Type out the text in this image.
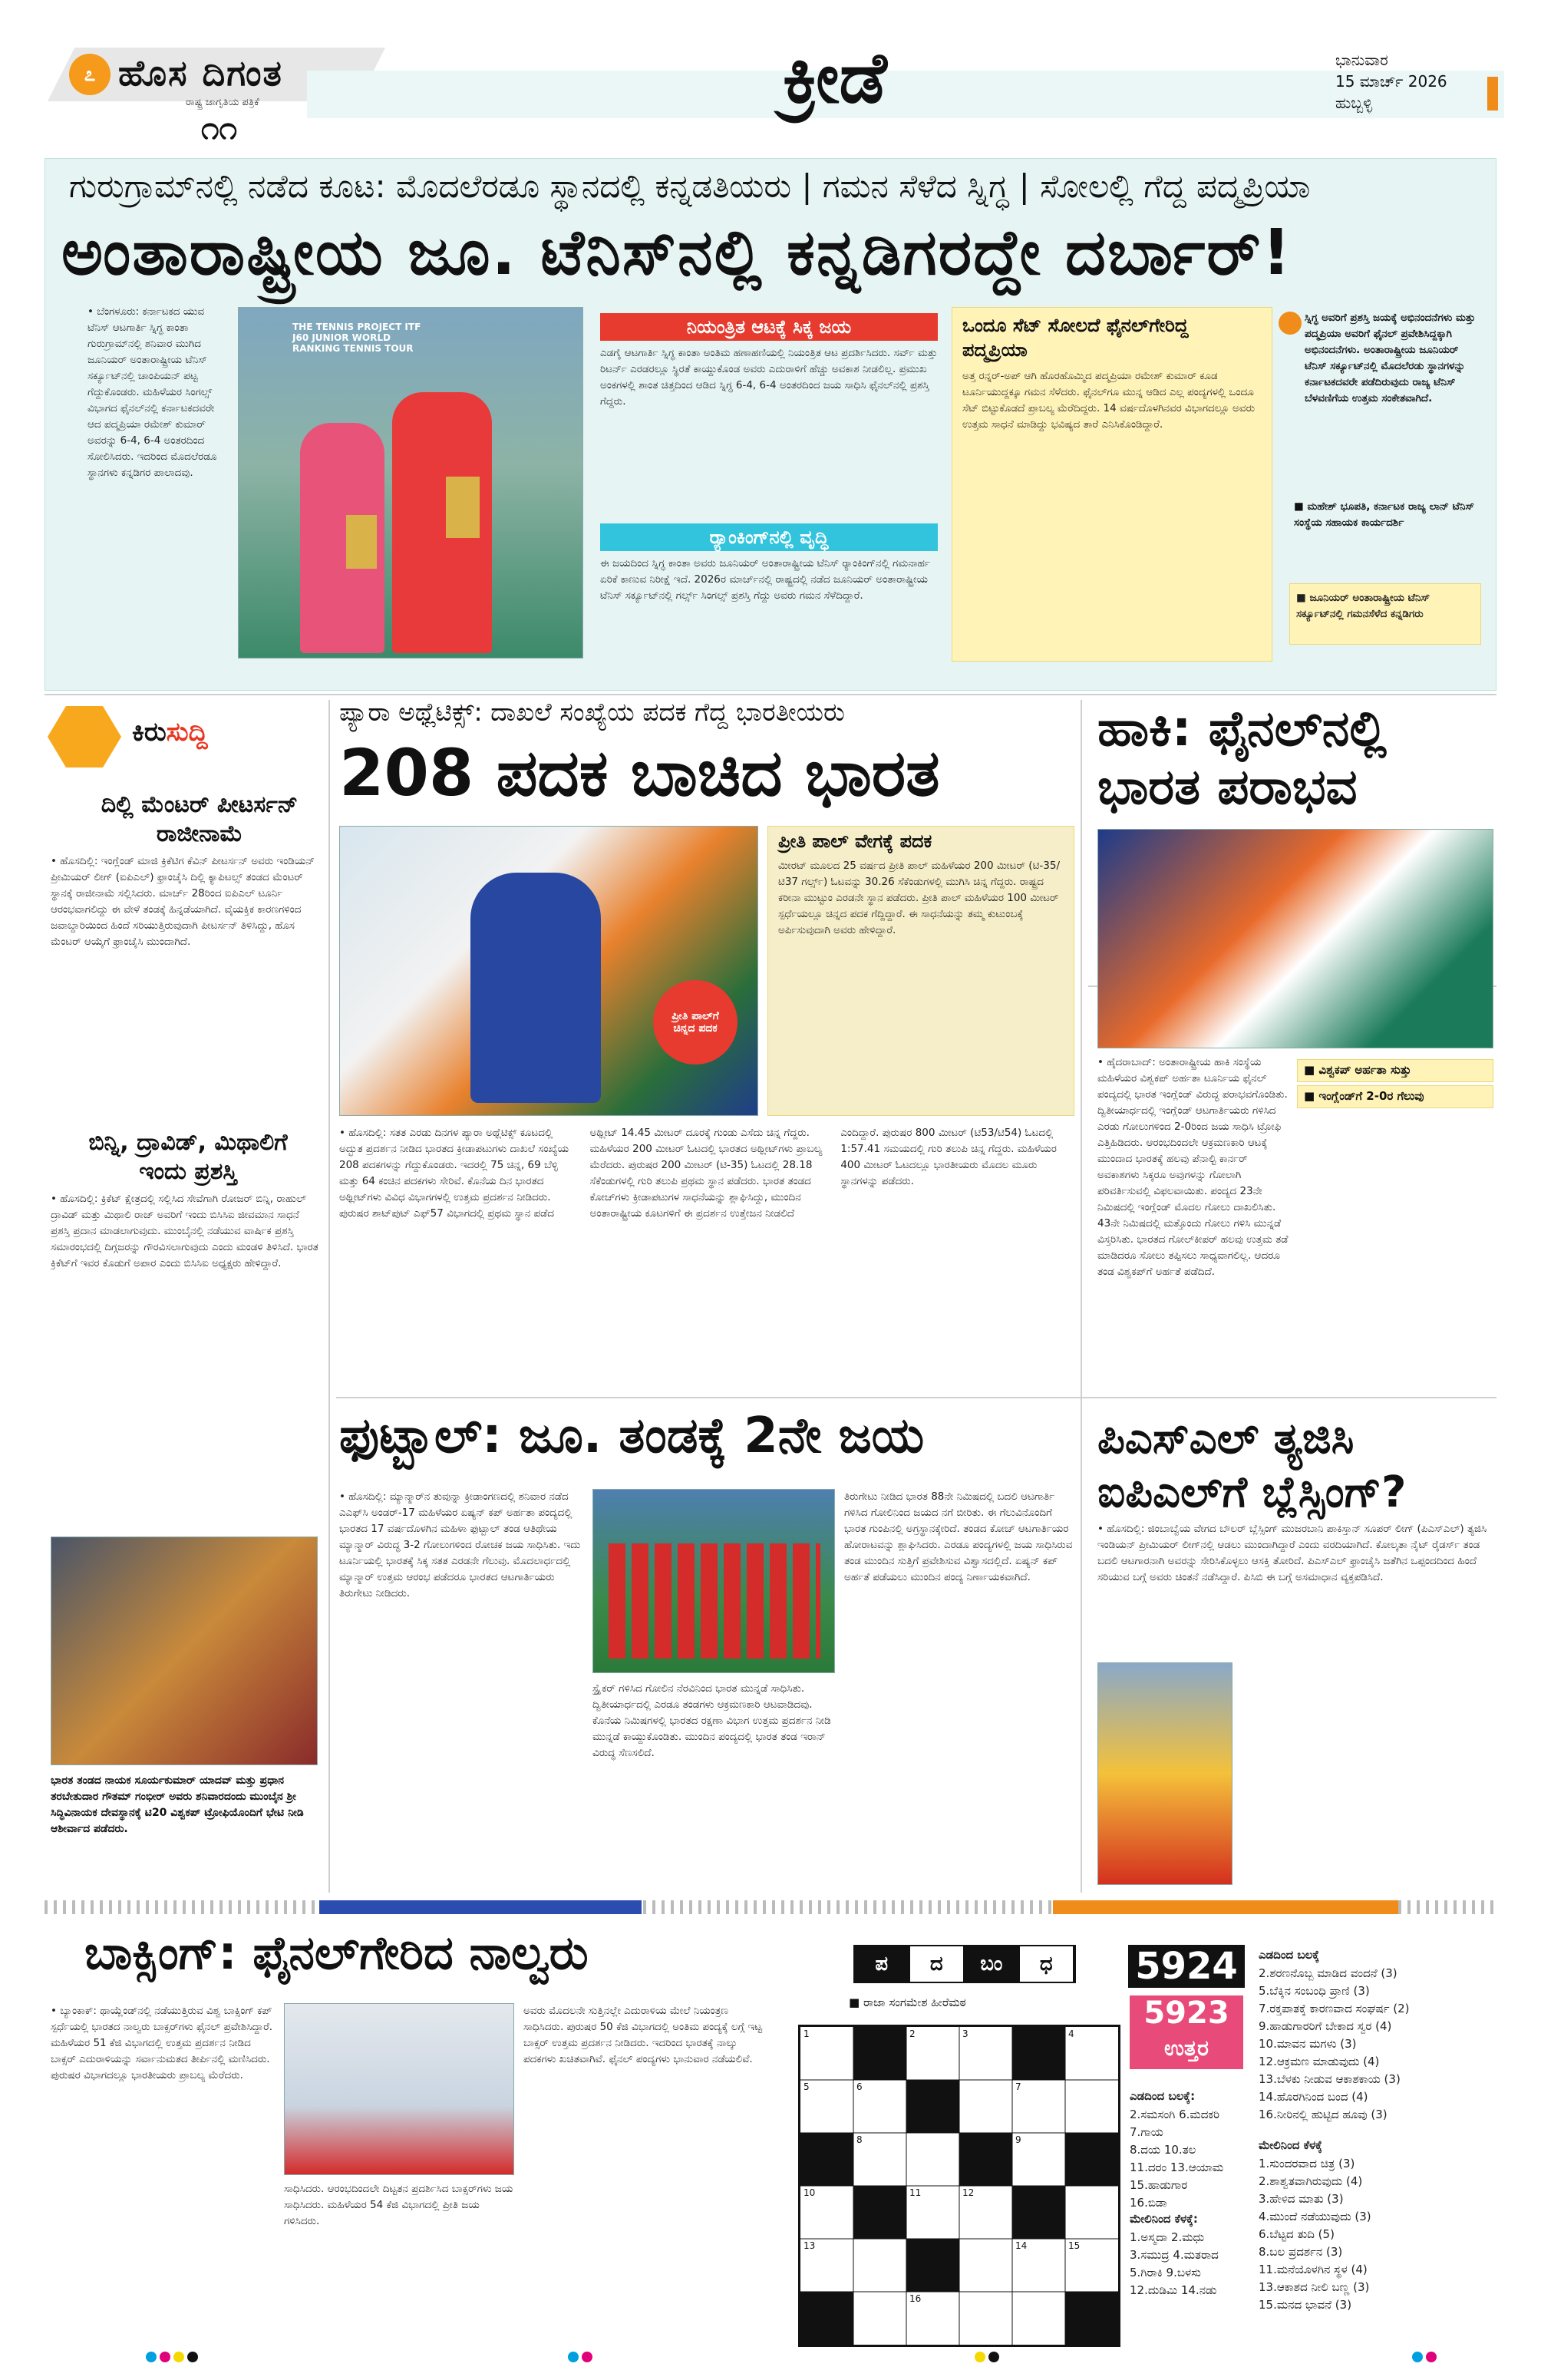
೭ ಹೊಸ ದಿಗಂತ
ರಾಷ್ಟ್ರ ಜಾಗೃತಿಯ ಪತ್ರಿಕೆ
೧೧
ಕ್ರೀಡೆ	ಭಾನುವಾರ
15 ಮಾರ್ಚ್ 2026
ಹುಬ್ಬಳ್ಳಿ
ಗುರುಗ್ರಾಮ್‌ನಲ್ಲಿ ನಡೆದ ಕೂಟ: ಮೊದಲೆರಡೂ ಸ್ಥಾನದಲ್ಲಿ ಕನ್ನಡತಿಯರು | ಗಮನ ಸೆಳೆದ ಸ್ನಿಗ್ಧ | ಸೋಲಲ್ಲಿ ಗೆದ್ದ ಪದ್ಮಪ್ರಿಯಾ
ಅಂತಾರಾಷ್ಟ್ರೀಯ ಜೂ. ಟೆನಿಸ್‌ನಲ್ಲಿ ಕನ್ನಡಿಗರದ್ದೇ ದರ್ಬಾರ್!
• ಬೆಂಗಳೂರು: ಕರ್ನಾಟಕದ ಯುವ ಟೆನಿಸ್ ಆಟಗಾರ್ತಿ ಸ್ನಿಗ್ಧ ಕಾಂತಾ ಗುರುಗ್ರಾಮ್‌ನಲ್ಲಿ ಶನಿವಾರ ಮುಗಿದ ಜೂನಿಯರ್ ಅಂತಾರಾಷ್ಟ್ರೀಯ ಟೆನಿಸ್ ಸರ್ಕ್ಯೂಟ್‌ನಲ್ಲಿ ಚಾಂಪಿಯನ್ ಪಟ್ಟ ಗೆದ್ದುಕೊಂಡರು. ಮಹಿಳೆಯರ ಸಿಂಗಲ್ಸ್ ವಿಭಾಗದ ಫೈನಲ್‌ನಲ್ಲಿ ಕರ್ನಾಟಕದವರೇ ಆದ ಪದ್ಮಪ್ರಿಯಾ ರಮೇಶ್ ಕುಮಾರ್ ಅವರನ್ನು 6-4, 6-4 ಅಂತರದಿಂದ ಸೋಲಿಸಿದರು. ಇದರಿಂದ ಮೊದಲೆರಡೂ ಸ್ಥಾನಗಳು ಕನ್ನಡಿಗರ ಪಾಲಾದವು.
THE TENNIS PROJECT ITF J60 JUNIOR WORLD RANKING TENNIS TOUR
ನಿಯಂತ್ರಿತ ಆಟಕ್ಕೆ ಸಿಕ್ಕ ಜಯ
ಎಡಗೈ ಆಟಗಾರ್ತಿ ಸ್ನಿಗ್ಧ ಕಾಂತಾ ಅಂತಿಮ ಹಣಾಹಣಿಯಲ್ಲಿ ನಿಯಂತ್ರಿತ ಆಟ ಪ್ರದರ್ಶಿಸಿದರು. ಸರ್ವ್ ಮತ್ತು ರಿಟರ್ನ್ ಎರಡರಲ್ಲೂ ಸ್ಥಿರತೆ ಕಾಯ್ದುಕೊಂಡ ಅವರು ಎದುರಾಳಿಗೆ ಹೆಚ್ಚು ಅವಕಾಶ ನೀಡಲಿಲ್ಲ. ಪ್ರಮುಖ ಅಂಕಗಳಲ್ಲಿ ಶಾಂತ ಚಿತ್ತದಿಂದ ಆಡಿದ ಸ್ನಿಗ್ಧ 6-4, 6-4 ಅಂತರದಿಂದ ಜಯ ಸಾಧಿಸಿ ಫೈನಲ್‌ನಲ್ಲಿ ಪ್ರಶಸ್ತಿ ಗೆದ್ದರು.
ರ‍್ಯಾಂಕಿಂಗ್‌ನಲ್ಲಿ ವೃದ್ಧಿ
ಈ ಜಯದಿಂದ ಸ್ನಿಗ್ಧ ಕಾಂತಾ ಅವರು ಜೂನಿಯರ್ ಅಂತಾರಾಷ್ಟ್ರೀಯ ಟೆನಿಸ್ ರ‍್ಯಾಂಕಿಂಗ್‌ನಲ್ಲಿ ಗಮನಾರ್ಹ ಏರಿಕೆ ಕಾಣುವ ನಿರೀಕ್ಷೆ ಇದೆ. 2026ರ ಮಾರ್ಚ್‌ನಲ್ಲಿ ರಾಷ್ಟ್ರದಲ್ಲಿ ನಡೆದ ಜೂನಿಯರ್ ಅಂತಾರಾಷ್ಟ್ರೀಯ ಟೆನಿಸ್ ಸರ್ಕ್ಯೂಟ್‌ನಲ್ಲಿ ಗರ್ಲ್ಸ್ ಸಿಂಗಲ್ಸ್ ಪ್ರಶಸ್ತಿ ಗೆದ್ದು ಅವರು ಗಮನ ಸೆಳೆದಿದ್ದಾರೆ.
ಒಂದೂ ಸೆಟ್ ಸೋಲದೆ ಫೈನಲ್‌ಗೇರಿದ್ದ ಪದ್ಮಪ್ರಿಯಾ
ಅತ್ತ ರನ್ನರ್-ಅಪ್ ಆಗಿ ಹೊರಹೊಮ್ಮಿದ ಪದ್ಮಪ್ರಿಯಾ ರಮೇಶ್ ಕುಮಾರ್ ಕೂಡ ಟೂರ್ನಿಯುದ್ದಕ್ಕೂ ಗಮನ ಸೆಳೆದರು. ಫೈನಲ್‌ಗೂ ಮುನ್ನ ಆಡಿದ ಎಲ್ಲ ಪಂದ್ಯಗಳಲ್ಲಿ ಒಂದೂ ಸೆಟ್ ಬಿಟ್ಟುಕೊಡದೆ ಪ್ರಾಬಲ್ಯ ಮೆರೆದಿದ್ದರು. 14 ವರ್ಷದೊಳಗಿನವರ ವಿಭಾಗದಲ್ಲೂ ಅವರು ಉತ್ತಮ ಸಾಧನೆ ಮಾಡಿದ್ದು ಭವಿಷ್ಯದ ತಾರೆ ಎನಿಸಿಕೊಂಡಿದ್ದಾರೆ.
ಸ್ನಿಗ್ಧ ಅವರಿಗೆ ಪ್ರಶಸ್ತಿ ಜಯಕ್ಕೆ ಅಭಿನಂದನೆಗಳು ಮತ್ತು ಪದ್ಮಪ್ರಿಯಾ ಅವರಿಗೆ ಫೈನಲ್ ಪ್ರವೇಶಿಸಿದ್ದಕ್ಕಾಗಿ ಅಭಿನಂದನೆಗಳು. ಅಂತಾರಾಷ್ಟ್ರೀಯ ಜೂನಿಯರ್ ಟೆನಿಸ್ ಸರ್ಕ್ಯೂಟ್‌ನಲ್ಲಿ ಮೊದಲೆರಡು ಸ್ಥಾನಗಳನ್ನು ಕರ್ನಾಟಕದವರೇ ಪಡೆದಿರುವುದು ರಾಜ್ಯ ಟೆನಿಸ್ ಬೆಳವಣಿಗೆಯ ಉತ್ತಮ ಸಂಕೇತವಾಗಿದೆ.
■ ಮಹೇಶ್ ಭೂಪತಿ, ಕರ್ನಾಟಕ ರಾಜ್ಯ ಲಾನ್ ಟೆನಿಸ್ ಸಂಸ್ಥೆಯ ಸಹಾಯಕ ಕಾರ್ಯದರ್ಶಿ
■ ಜೂನಿಯರ್ ಅಂತಾರಾಷ್ಟ್ರೀಯ ಟೆನಿಸ್ ಸರ್ಕ್ಯೂಟ್‌ನಲ್ಲಿ ಗಮನಸೆಳೆದ ಕನ್ನಡಿಗರು
ಕಿರುಸುದ್ದಿ
ದಿಲ್ಲಿ ಮೆಂಟರ್ ಪೀಟರ್ಸನ್ ರಾಜೀನಾಮೆ
• ಹೊಸದಿಲ್ಲಿ: ಇಂಗ್ಲೆಂಡ್ ಮಾಜಿ ಕ್ರಿಕೆಟಿಗ ಕೆವಿನ್ ಪೀಟರ್ಸನ್ ಅವರು ಇಂಡಿಯನ್ ಪ್ರೀಮಿಯರ್ ಲೀಗ್ (ಐಪಿಎಲ್) ಫ್ರಾಂಚೈಸಿ ದಿಲ್ಲಿ ಕ್ಯಾಪಿಟಲ್ಸ್ ತಂಡದ ಮೆಂಟರ್ ಸ್ಥಾನಕ್ಕೆ ರಾಜೀನಾಮೆ ಸಲ್ಲಿಸಿದರು. ಮಾರ್ಚ್ 28ರಿಂದ ಐಪಿಎಲ್ ಟೂರ್ನಿ ಆರಂಭವಾಗಲಿದ್ದು ಈ ವೇಳೆ ತಂಡಕ್ಕೆ ಹಿನ್ನಡೆಯಾಗಿದೆ. ವೈಯಕ್ತಿಕ ಕಾರಣಗಳಿಂದ ಜವಾಬ್ದಾರಿಯಿಂದ ಹಿಂದೆ ಸರಿಯುತ್ತಿರುವುದಾಗಿ ಪೀಟರ್ಸನ್ ತಿಳಿಸಿದ್ದು, ಹೊಸ ಮೆಂಟರ್ ಆಯ್ಕೆಗೆ ಫ್ರಾಂಚೈಸಿ ಮುಂದಾಗಿದೆ.
ಬಿನ್ನಿ, ದ್ರಾವಿಡ್, ಮಿಥಾಲಿಗೆ ಇಂದು ಪ್ರಶಸ್ತಿ
• ಹೊಸದಿಲ್ಲಿ: ಕ್ರಿಕೆಟ್ ಕ್ಷೇತ್ರದಲ್ಲಿ ಸಲ್ಲಿಸಿದ ಸೇವೆಗಾಗಿ ರೋಜರ್ ಬಿನ್ನಿ, ರಾಹುಲ್ ದ್ರಾವಿಡ್ ಮತ್ತು ಮಿಥಾಲಿ ರಾಜ್ ಅವರಿಗೆ ಇಂದು ಬಿಸಿಸಿಐ ಜೀವಮಾನ ಸಾಧನೆ ಪ್ರಶಸ್ತಿ ಪ್ರದಾನ ಮಾಡಲಾಗುವುದು. ಮುಂಬೈನಲ್ಲಿ ನಡೆಯುವ ವಾರ್ಷಿಕ ಪ್ರಶಸ್ತಿ ಸಮಾರಂಭದಲ್ಲಿ ದಿಗ್ಗಜರನ್ನು ಗೌರವಿಸಲಾಗುವುದು ಎಂದು ಮಂಡಳಿ ತಿಳಿಸಿದೆ. ಭಾರತ ಕ್ರಿಕೆಟ್‌ಗೆ ಇವರ ಕೊಡುಗೆ ಅಪಾರ ಎಂದು ಬಿಸಿಸಿಐ ಅಧ್ಯಕ್ಷರು ಹೇಳಿದ್ದಾರೆ.
ಭಾರತ ತಂಡದ ನಾಯಕ ಸೂರ್ಯಕುಮಾರ್ ಯಾದವ್ ಮತ್ತು ಪ್ರಧಾನ ತರಬೇತುದಾರ ಗೌತಮ್ ಗಂಭೀರ್ ಅವರು ಶನಿವಾರದಂದು ಮುಂಬೈನ ಶ್ರೀ ಸಿದ್ಧಿವಿನಾಯಕ ದೇವಸ್ಥಾನಕ್ಕೆ ಟಿ20 ವಿಶ್ವಕಪ್ ಟ್ರೋಫಿಯೊಂದಿಗೆ ಭೇಟಿ ನೀಡಿ ಆಶೀರ್ವಾದ ಪಡೆದರು.
ಪ್ಯಾರಾ ಅಥ್ಲೆಟಿಕ್ಸ್: ದಾಖಲೆ ಸಂಖ್ಯೆಯ ಪದಕ ಗೆದ್ದ ಭಾರತೀಯರು
208 ಪದಕ ಬಾಚಿದ ಭಾರತ
ಪ್ರೀತಿ ಪಾಲ್‌ಗೆ ಚಿನ್ನದ ಪದಕ
ಪ್ರೀತಿ ಪಾಲ್ ವೇಗಕ್ಕೆ ಪದಕ
ಮೀರಟ್ ಮೂಲದ 25 ವರ್ಷದ ಪ್ರೀತಿ ಪಾಲ್ ಮಹಿಳೆಯರ 200 ಮೀಟರ್ (ಟಿ-35/ಟಿ37 ಗರ್ಲ್ಸ್) ಓಟವನ್ನು 30.26 ಸೆಕೆಂಡುಗಳಲ್ಲಿ ಮುಗಿಸಿ ಚಿನ್ನ ಗೆದ್ದರು. ರಾಷ್ಟ್ರದ ಕರೀನಾ ಮುಟ್ಟುಂ ಎರಡನೇ ಸ್ಥಾನ ಪಡೆದರು. ಪ್ರೀತಿ ಪಾಲ್ ಮಹಿಳೆಯರ 100 ಮೀಟರ್ ಸ್ಪರ್ಧೆಯಲ್ಲೂ ಚಿನ್ನದ ಪದಕ ಗೆದ್ದಿದ್ದಾರೆ. ಈ ಸಾಧನೆಯನ್ನು ತಮ್ಮ ಕುಟುಂಬಕ್ಕೆ ಅರ್ಪಿಸುವುದಾಗಿ ಅವರು ಹೇಳಿದ್ದಾರೆ.
• ಹೊಸದಿಲ್ಲಿ: ಸತತ ಎರಡು ದಿನಗಳ ಪ್ಯಾರಾ ಅಥ್ಲೆಟಿಕ್ಸ್ ಕೂಟದಲ್ಲಿ ಅದ್ಭುತ ಪ್ರದರ್ಶನ ನೀಡಿದ ಭಾರತದ ಕ್ರೀಡಾಪಟುಗಳು ದಾಖಲೆ ಸಂಖ್ಯೆಯ 208 ಪದಕಗಳನ್ನು ಗೆದ್ದುಕೊಂಡರು. ಇದರಲ್ಲಿ 75 ಚಿನ್ನ, 69 ಬೆಳ್ಳಿ ಮತ್ತು 64 ಕಂಚಿನ ಪದಕಗಳು ಸೇರಿವೆ. ಕೊನೆಯ ದಿನ ಭಾರತದ ಅಥ್ಲೀಟ್‌ಗಳು ವಿವಿಧ ವಿಭಾಗಗಳಲ್ಲಿ ಉತ್ತಮ ಪ್ರದರ್ಶನ ನೀಡಿದರು. ಪುರುಷರ ಶಾಟ್‌ಪುಟ್ ಎಫ್57 ವಿಭಾಗದಲ್ಲಿ ಪ್ರಥಮ ಸ್ಥಾನ ಪಡೆದ ಅಥ್ಲೀಟ್ 14.45 ಮೀಟರ್ ದೂರಕ್ಕೆ ಗುಂಡು ಎಸೆದು ಚಿನ್ನ ಗೆದ್ದರು. ಮಹಿಳೆಯರ 200 ಮೀಟರ್ ಓಟದಲ್ಲಿ ಭಾರತದ ಅಥ್ಲೀಟ್‌ಗಳು ಪ್ರಾಬಲ್ಯ ಮೆರೆದರು. ಪುರುಷರ 200 ಮೀಟರ್ (ಟಿ-35) ಓಟದಲ್ಲಿ 28.18 ಸೆಕೆಂಡುಗಳಲ್ಲಿ ಗುರಿ ತಲುಪಿ ಪ್ರಥಮ ಸ್ಥಾನ ಪಡೆದರು. ಭಾರತ ತಂಡದ ಕೋಚ್‌ಗಳು ಕ್ರೀಡಾಪಟುಗಳ ಸಾಧನೆಯನ್ನು ಶ್ಲಾಘಿಸಿದ್ದು, ಮುಂದಿನ ಅಂತಾರಾಷ್ಟ್ರೀಯ ಕೂಟಗಳಿಗೆ ಈ ಪ್ರದರ್ಶನ ಉತ್ತೇಜನ ನೀಡಲಿದೆ ಎಂದಿದ್ದಾರೆ. ಪುರುಷರ 800 ಮೀಟರ್ (ಟಿ53/ಟಿ54) ಓಟದಲ್ಲಿ 1:57.41 ಸಮಯದಲ್ಲಿ ಗುರಿ ತಲುಪಿ ಚಿನ್ನ ಗೆದ್ದರು. ಮಹಿಳೆಯರ 400 ಮೀಟರ್ ಓಟದಲ್ಲೂ ಭಾರತೀಯರು ಮೊದಲ ಮೂರು ಸ್ಥಾನಗಳನ್ನು ಪಡೆದರು.
ಹಾಕಿ: ಫೈನಲ್‌ನಲ್ಲಿ ಭಾರತ ಪರಾಭವ
• ಹೈದರಾಬಾದ್: ಅಂತಾರಾಷ್ಟ್ರೀಯ ಹಾಕಿ ಸಂಸ್ಥೆಯ ಮಹಿಳೆಯರ ವಿಶ್ವಕಪ್ ಅರ್ಹತಾ ಟೂರ್ನಿಯ ಫೈನಲ್ ಪಂದ್ಯದಲ್ಲಿ ಭಾರತ ಇಂಗ್ಲೆಂಡ್ ವಿರುದ್ಧ ಪರಾಭವಗೊಂಡಿತು. ದ್ವಿತೀಯಾರ್ಧದಲ್ಲಿ ಇಂಗ್ಲೆಂಡ್ ಆಟಗಾರ್ತಿಯರು ಗಳಿಸಿದ ಎರಡು ಗೋಲುಗಳಿಂದ 2-0ರಿಂದ ಜಯ ಸಾಧಿಸಿ ಟ್ರೋಫಿ ಎತ್ತಿಹಿಡಿದರು. ಆರಂಭದಿಂದಲೇ ಆಕ್ರಮಣಕಾರಿ ಆಟಕ್ಕೆ ಮುಂದಾದ ಭಾರತಕ್ಕೆ ಹಲವು ಪೆನಾಲ್ಟಿ ಕಾರ್ನರ್ ಅವಕಾಶಗಳು ಸಿಕ್ಕರೂ ಅವುಗಳನ್ನು ಗೋಲಾಗಿ ಪರಿವರ್ತಿಸುವಲ್ಲಿ ವಿಫಲವಾಯಿತು. ಪಂದ್ಯದ 23ನೇ ನಿಮಿಷದಲ್ಲಿ ಇಂಗ್ಲೆಂಡ್ ಮೊದಲ ಗೋಲು ದಾಖಲಿಸಿತು. 43ನೇ ನಿಮಿಷದಲ್ಲಿ ಮತ್ತೊಂದು ಗೋಲು ಗಳಿಸಿ ಮುನ್ನಡೆ ವಿಸ್ತರಿಸಿತು. ಭಾರತದ ಗೋಲ್‌ಕೀಪರ್ ಹಲವು ಉತ್ತಮ ತಡೆ ಮಾಡಿದರೂ ಸೋಲು ತಪ್ಪಿಸಲು ಸಾಧ್ಯವಾಗಲಿಲ್ಲ. ಆದರೂ ತಂಡ ವಿಶ್ವಕಪ್‌ಗೆ ಅರ್ಹತೆ ಪಡೆದಿದೆ.
■ ವಿಶ್ವಕಪ್ ಅರ್ಹತಾ ಸುತ್ತು
■ ಇಂಗ್ಲೆಂಡ್‌ಗೆ 2-0ರ ಗೆಲುವು
ಫುಟ್ಬಾಲ್: ಜೂ. ತಂಡಕ್ಕೆ 2ನೇ ಜಯ
• ಹೊಸದಿಲ್ಲಿ: ಮ್ಯಾನ್ಮಾರ್‌ನ ತುವುನ್ನಾ ಕ್ರೀಡಾಂಗಣದಲ್ಲಿ ಶನಿವಾರ ನಡೆದ ಎಎಫ್‌ಸಿ ಅಂಡರ್-17 ಮಹಿಳೆಯರ ಏಷ್ಯನ್ ಕಪ್ ಅರ್ಹತಾ ಪಂದ್ಯದಲ್ಲಿ ಭಾರತದ 17 ವರ್ಷದೊಳಗಿನ ಮಹಿಳಾ ಫುಟ್ಬಾಲ್ ತಂಡ ಆತಿಥೇಯ ಮ್ಯಾನ್ಮಾರ್ ವಿರುದ್ಧ 3-2 ಗೋಲುಗಳಿಂದ ರೋಚಕ ಜಯ ಸಾಧಿಸಿತು. ಇದು ಟೂರ್ನಿಯಲ್ಲಿ ಭಾರತಕ್ಕೆ ಸಿಕ್ಕ ಸತತ ಎರಡನೇ ಗೆಲುವು. ಮೊದಲಾರ್ಧದಲ್ಲಿ ಮ್ಯಾನ್ಮಾರ್ ಉತ್ತಮ ಆರಂಭ ಪಡೆದರೂ ಭಾರತದ ಆಟಗಾರ್ತಿಯರು ತಿರುಗೇಟು ನೀಡಿದರು.
ಸ್ಟ್ರೈಕರ್ ಗಳಿಸಿದ ಗೋಲಿನ ನೆರವಿನಿಂದ ಭಾರತ ಮುನ್ನಡೆ ಸಾಧಿಸಿತು. ದ್ವಿತೀಯಾರ್ಧದಲ್ಲಿ ಎರಡೂ ತಂಡಗಳು ಆಕ್ರಮಣಕಾರಿ ಆಟವಾಡಿದವು. ಕೊನೆಯ ನಿಮಿಷಗಳಲ್ಲಿ ಭಾರತದ ರಕ್ಷಣಾ ವಿಭಾಗ ಉತ್ತಮ ಪ್ರದರ್ಶನ ನೀಡಿ ಮುನ್ನಡೆ ಕಾಯ್ದುಕೊಂಡಿತು. ಮುಂದಿನ ಪಂದ್ಯದಲ್ಲಿ ಭಾರತ ತಂಡ ಇರಾನ್ ವಿರುದ್ಧ ಸೆಣಸಲಿದೆ.
ತಿರುಗೇಟು ನೀಡಿದ ಭಾರತ 88ನೇ ನಿಮಿಷದಲ್ಲಿ ಬದಲಿ ಆಟಗಾರ್ತಿ ಗಳಿಸಿದ ಗೋಲಿನಿಂದ ಜಯದ ನಗೆ ಬೀರಿತು. ಈ ಗೆಲುವಿನೊಂದಿಗೆ ಭಾರತ ಗುಂಪಿನಲ್ಲಿ ಅಗ್ರಸ್ಥಾನಕ್ಕೇರಿದೆ. ತಂಡದ ಕೋಚ್ ಆಟಗಾರ್ತಿಯರ ಹೋರಾಟವನ್ನು ಶ್ಲಾಘಿಸಿದರು. ಎರಡೂ ಪಂದ್ಯಗಳಲ್ಲಿ ಜಯ ಸಾಧಿಸಿರುವ ತಂಡ ಮುಂದಿನ ಸುತ್ತಿಗೆ ಪ್ರವೇಶಿಸುವ ವಿಶ್ವಾಸದಲ್ಲಿದೆ. ಏಷ್ಯನ್ ಕಪ್ ಅರ್ಹತೆ ಪಡೆಯಲು ಮುಂದಿನ ಪಂದ್ಯ ನಿರ್ಣಾಯಕವಾಗಿದೆ.
ಪಿಎಸ್‌ಎಲ್ ತ್ಯಜಿಸಿ ಐಪಿಎಲ್‌ಗೆ ಬ್ಲೆಸ್ಸಿಂಗ್?
• ಹೊಸದಿಲ್ಲಿ: ಜಿಂಬಾಬ್ವೆಯ ವೇಗದ ಬೌಲರ್ ಬ್ಲೆಸ್ಸಿಂಗ್ ಮುಜರಬಾನಿ ಪಾಕಿಸ್ತಾನ್ ಸೂಪರ್ ಲೀಗ್ (ಪಿಎಸ್‌ಎಲ್) ತ್ಯಜಿಸಿ ಇಂಡಿಯನ್ ಪ್ರೀಮಿಯರ್ ಲೀಗ್‌ನಲ್ಲಿ ಆಡಲು ಮುಂದಾಗಿದ್ದಾರೆ ಎಂದು ವರದಿಯಾಗಿದೆ. ಕೋಲ್ಕತಾ ನೈಟ್ ರೈಡರ್ಸ್ ತಂಡ ಬದಲಿ ಆಟಗಾರನಾಗಿ ಅವರನ್ನು ಸೇರಿಸಿಕೊಳ್ಳಲು ಆಸಕ್ತಿ ತೋರಿದೆ. ಪಿಎಸ್‌ಎಲ್ ಫ್ರಾಂಚೈಸಿ ಜತೆಗಿನ ಒಪ್ಪಂದದಿಂದ ಹಿಂದೆ ಸರಿಯುವ ಬಗ್ಗೆ ಅವರು ಚಿಂತನೆ ನಡೆಸಿದ್ದಾರೆ. ಪಿಸಿಬಿ ಈ ಬಗ್ಗೆ ಅಸಮಾಧಾನ ವ್ಯಕ್ತಪಡಿಸಿದೆ.
ಬಾಕ್ಸಿಂಗ್: ಫೈನಲ್‌ಗೇರಿದ ನಾಲ್ವರು
• ಬ್ಯಾಂಕಾಕ್: ಥಾಯ್ಲೆಂಡ್‌ನಲ್ಲಿ ನಡೆಯುತ್ತಿರುವ ವಿಶ್ವ ಬಾಕ್ಸಿಂಗ್ ಕಪ್ ಸ್ಪರ್ಧೆಯಲ್ಲಿ ಭಾರತದ ನಾಲ್ವರು ಬಾಕ್ಸರ್‌ಗಳು ಫೈನಲ್ ಪ್ರವೇಶಿಸಿದ್ದಾರೆ. ಮಹಿಳೆಯರ 51 ಕೆಜಿ ವಿಭಾಗದಲ್ಲಿ ಉತ್ತಮ ಪ್ರದರ್ಶನ ನೀಡಿದ ಬಾಕ್ಸರ್ ಎದುರಾಳಿಯನ್ನು ಸರ್ವಾನುಮತದ ತೀರ್ಪಿನಲ್ಲಿ ಮಣಿಸಿದರು. ಪುರುಷರ ವಿಭಾಗದಲ್ಲೂ ಭಾರತೀಯರು ಪ್ರಾಬಲ್ಯ ಮೆರೆದರು.
ಸಾಧಿಸಿದರು. ಆರಂಭದಿಂದಲೇ ದಿಟ್ಟತನ ಪ್ರದರ್ಶಿಸಿದ ಬಾಕ್ಸರ್‌ಗಳು ಜಯ ಸಾಧಿಸಿದರು. ಮಹಿಳೆಯರ 54 ಕೆಜಿ ವಿಭಾಗದಲ್ಲಿ ಪ್ರೀತಿ ಜಯ ಗಳಿಸಿದರು.
ಅವರು ಮೊದಲನೇ ಸುತ್ತಿನಲ್ಲೇ ಎದುರಾಳಿಯ ಮೇಲೆ ನಿಯಂತ್ರಣ ಸಾಧಿಸಿದರು. ಪುರುಷರ 50 ಕೆಜಿ ವಿಭಾಗದಲ್ಲಿ ಅಂತಿಮ ಪಂದ್ಯಕ್ಕೆ ಲಗ್ಗೆ ಇಟ್ಟ ಬಾಕ್ಸರ್ ಉತ್ತಮ ಪ್ರದರ್ಶನ ನೀಡಿದರು. ಇದರಿಂದ ಭಾರತಕ್ಕೆ ನಾಲ್ಕು ಪದಕಗಳು ಖಚಿತವಾಗಿವೆ. ಫೈನಲ್ ಪಂದ್ಯಗಳು ಭಾನುವಾರ ನಡೆಯಲಿವೆ.
ಪ	ದ	ಬಂ	ಧ
■ ರಾಜಾ ಸಂಗಮೇಶ ಹೀರೆಮಠ
1	2	3	4
5	6	7
8	9
10	11	12
13	14	15
16
5924
5923
ಉತ್ತರ
ಎಡದಿಂದ ಬಲಕ್ಕೆ:
2.ಸಮಸಂಗಿ 6.ಮದಕರಿ 7.ಗಾಯ
8.ದಯ 10.ತಲ
11.ದರಂ 13.ಆಯಾಮ
15.ಹಾಡುಗಾರ
16.ಬಿಡಾ
ಮೇಲಿನಿಂದ ಕೆಳಕ್ಕೆ:
1.ಅಸ್ಮದಾ 2.ಮಧು
3.ಸಮುದ್ರ 4.ಮತರಾದ
5.ಗಿರಾಕಿ 9.ಬಳಸು
12.ದುಡಿಮಿ 14.ನಡು
ಎಡದಿಂದ ಬಲಕ್ಕೆ
2.ಶರಣನೊಬ್ಬ ಮಾಡಿದ ವಂದನೆ (3)
5.ಬೆಕ್ಕಿನ ಸಂಬಂಧಿ ಪ್ರಾಣಿ (3)
7.ರಕ್ತಪಾತಕ್ಕೆ ಕಾರಣವಾದ ಸಂಘರ್ಷ (2)
9.ಹಾಡುಗಾರರಿಗೆ ಬೇಕಾದ ಸ್ವರ (4)
10.ಮಾವನ ಮಗಳು (3)
12.ಆಕ್ರಮಣ ಮಾಡುವುದು (4)
13.ಬೆಳಕು ನೀಡುವ ಆಕಾಶಕಾಯ (3)
14.ಹೊರಗಿನಿಂದ ಬಂದ (4)
16.ನೀರಿನಲ್ಲಿ ಹುಟ್ಟಿದ ಹೂವು (3)
ಮೇಲಿನಿಂದ ಕೆಳಕ್ಕೆ
1.ಸುಂದರವಾದ ಚಿತ್ರ (3)
2.ಶಾಶ್ವತವಾಗಿರುವುದು (4)
3.ಹೇಳಿದ ಮಾತು (3)
4.ಮುಂದೆ ನಡೆಯುವುದು (3)
6.ಬೆಟ್ಟದ ತುದಿ (5)
8.ಬಲ ಪ್ರದರ್ಶನ (3)
11.ಮನೆಯೊಳಗಿನ ಸ್ಥಳ (4)
13.ಆಕಾಶದ ನೀಲಿ ಬಣ್ಣ (3)
15.ಮನದ ಭಾವನೆ (3)
